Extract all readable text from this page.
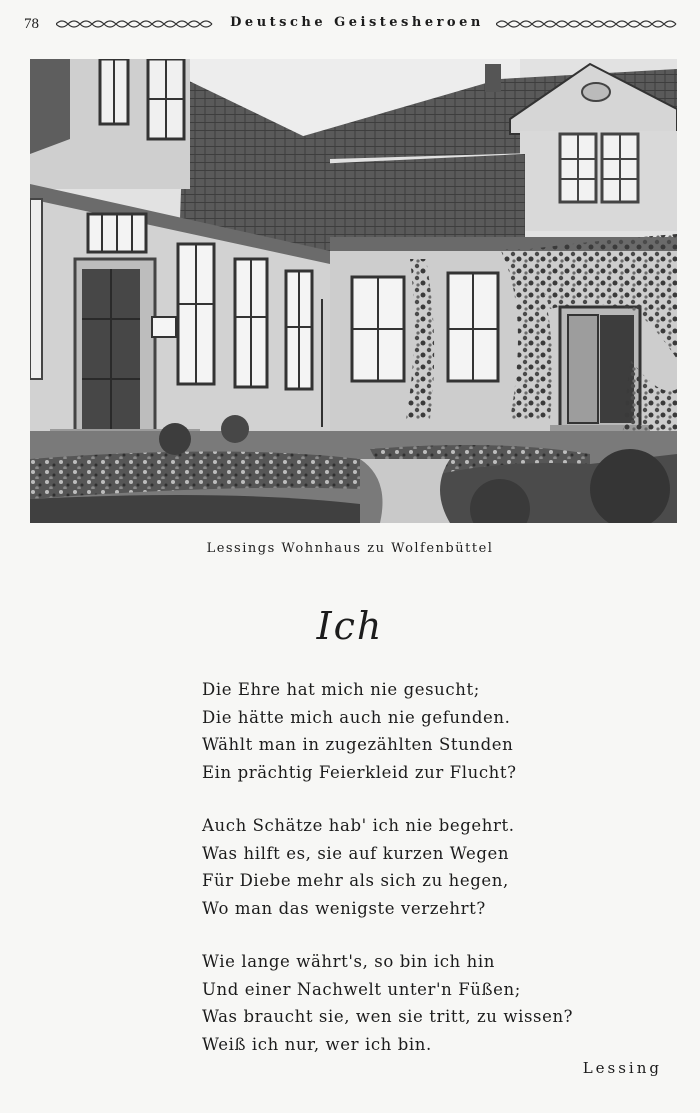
78	Deutsche Geistesheroen
Lessings Wohnhaus zu Wolfenbüttel
Ich
Die Ehre hat mich nie gesucht;
Die hätte mich auch nie gefunden.
Wählt man in zugezählten Stunden
Ein prächtig Feierkleid zur Flucht?
Auch Schätze hab' ich nie begehrt.
Was hilft es, sie auf kurzen Wegen
Für Diebe mehr als sich zu hegen,
Wo man das wenigste verzehrt?
Wie lange währt's, so bin ich hin
Und einer Nachwelt unter'n Füßen;
Was braucht sie, wen sie tritt, zu wissen?
Weiß ich nur, wer ich bin.
Lessing
